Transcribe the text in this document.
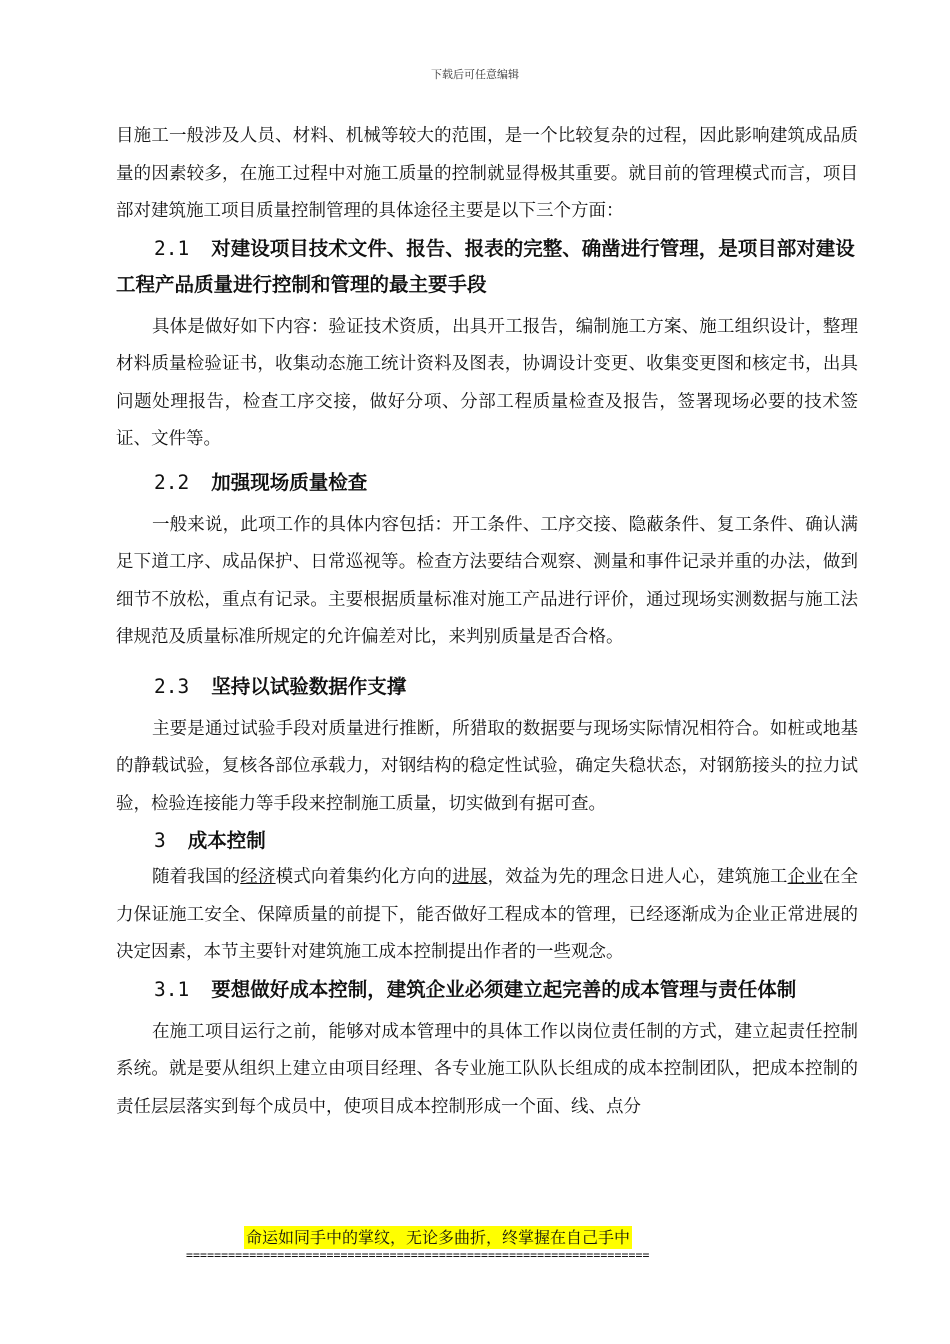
下载后可任意编辑

目施工一般涉及人员、材料、机械等较大的范围，是一个比较复杂的过程，因此影响建筑成品质量的因素较多，在施工过程中对施工质量的控制就显得极其重要。就目前的管理模式而言，项目部对建筑施工项目质量控制管理的具体途径主要是以下三个方面：

2.1 对建设项目技术文件、报告、报表的完整、确凿进行管理，是项目部对建设工程产品质量进行控制和管理的最主要手段

具体是做好如下内容：验证技术资质，出具开工报告，编制施工方案、施工组织设计，整理材料质量检验证书，收集动态施工统计资料及图表，协调设计变更、收集变更图和核定书，出具问题处理报告，检查工序交接，做好分项、分部工程质量检查及报告，签署现场必要的技术签证、文件等。

2.2 加强现场质量检查

一般来说，此项工作的具体内容包括：开工条件、工序交接、隐蔽条件、复工条件、确认满足下道工序、成品保护、日常巡视等。检查方法要结合观察、测量和事件记录并重的办法，做到细节不放松，重点有记录。主要根据质量标准对施工产品进行评价，通过现场实测数据与施工法律规范及质量标准所规定的允许偏差对比，来判别质量是否合格。

2.3 坚持以试验数据作支撑

主要是通过试验手段对质量进行推断，所猎取的数据要与现场实际情况相符合。如桩或地基的静载试验，复核各部位承载力，对钢结构的稳定性试验，确定失稳状态，对钢筋接头的拉力试验，检验连接能力等手段来控制施工质量，切实做到有据可查。

3 成本控制

随着我国的经济模式向着集约化方向的进展，效益为先的理念日进人心，建筑施工企业在全力保证施工安全、保障质量的前提下，能否做好工程成本的管理，已经逐渐成为企业正常进展的决定因素，本节主要针对建筑施工成本控制提出作者的一些观念。

3.1 要想做好成本控制，建筑企业必须建立起完善的成本管理与责任体制

在施工项目运行之前，能够对成本管理中的具体工作以岗位责任制的方式，建立起责任控制系统。就是要从组织上建立由项目经理、各专业施工队队长组成的成本控制团队，把成本控制的责任层层落实到每个成员中，使项目成本控制形成一个面、线、点分

命运如同手中的掌纹，无论多曲折，终掌握在自己手中
==================================================================
